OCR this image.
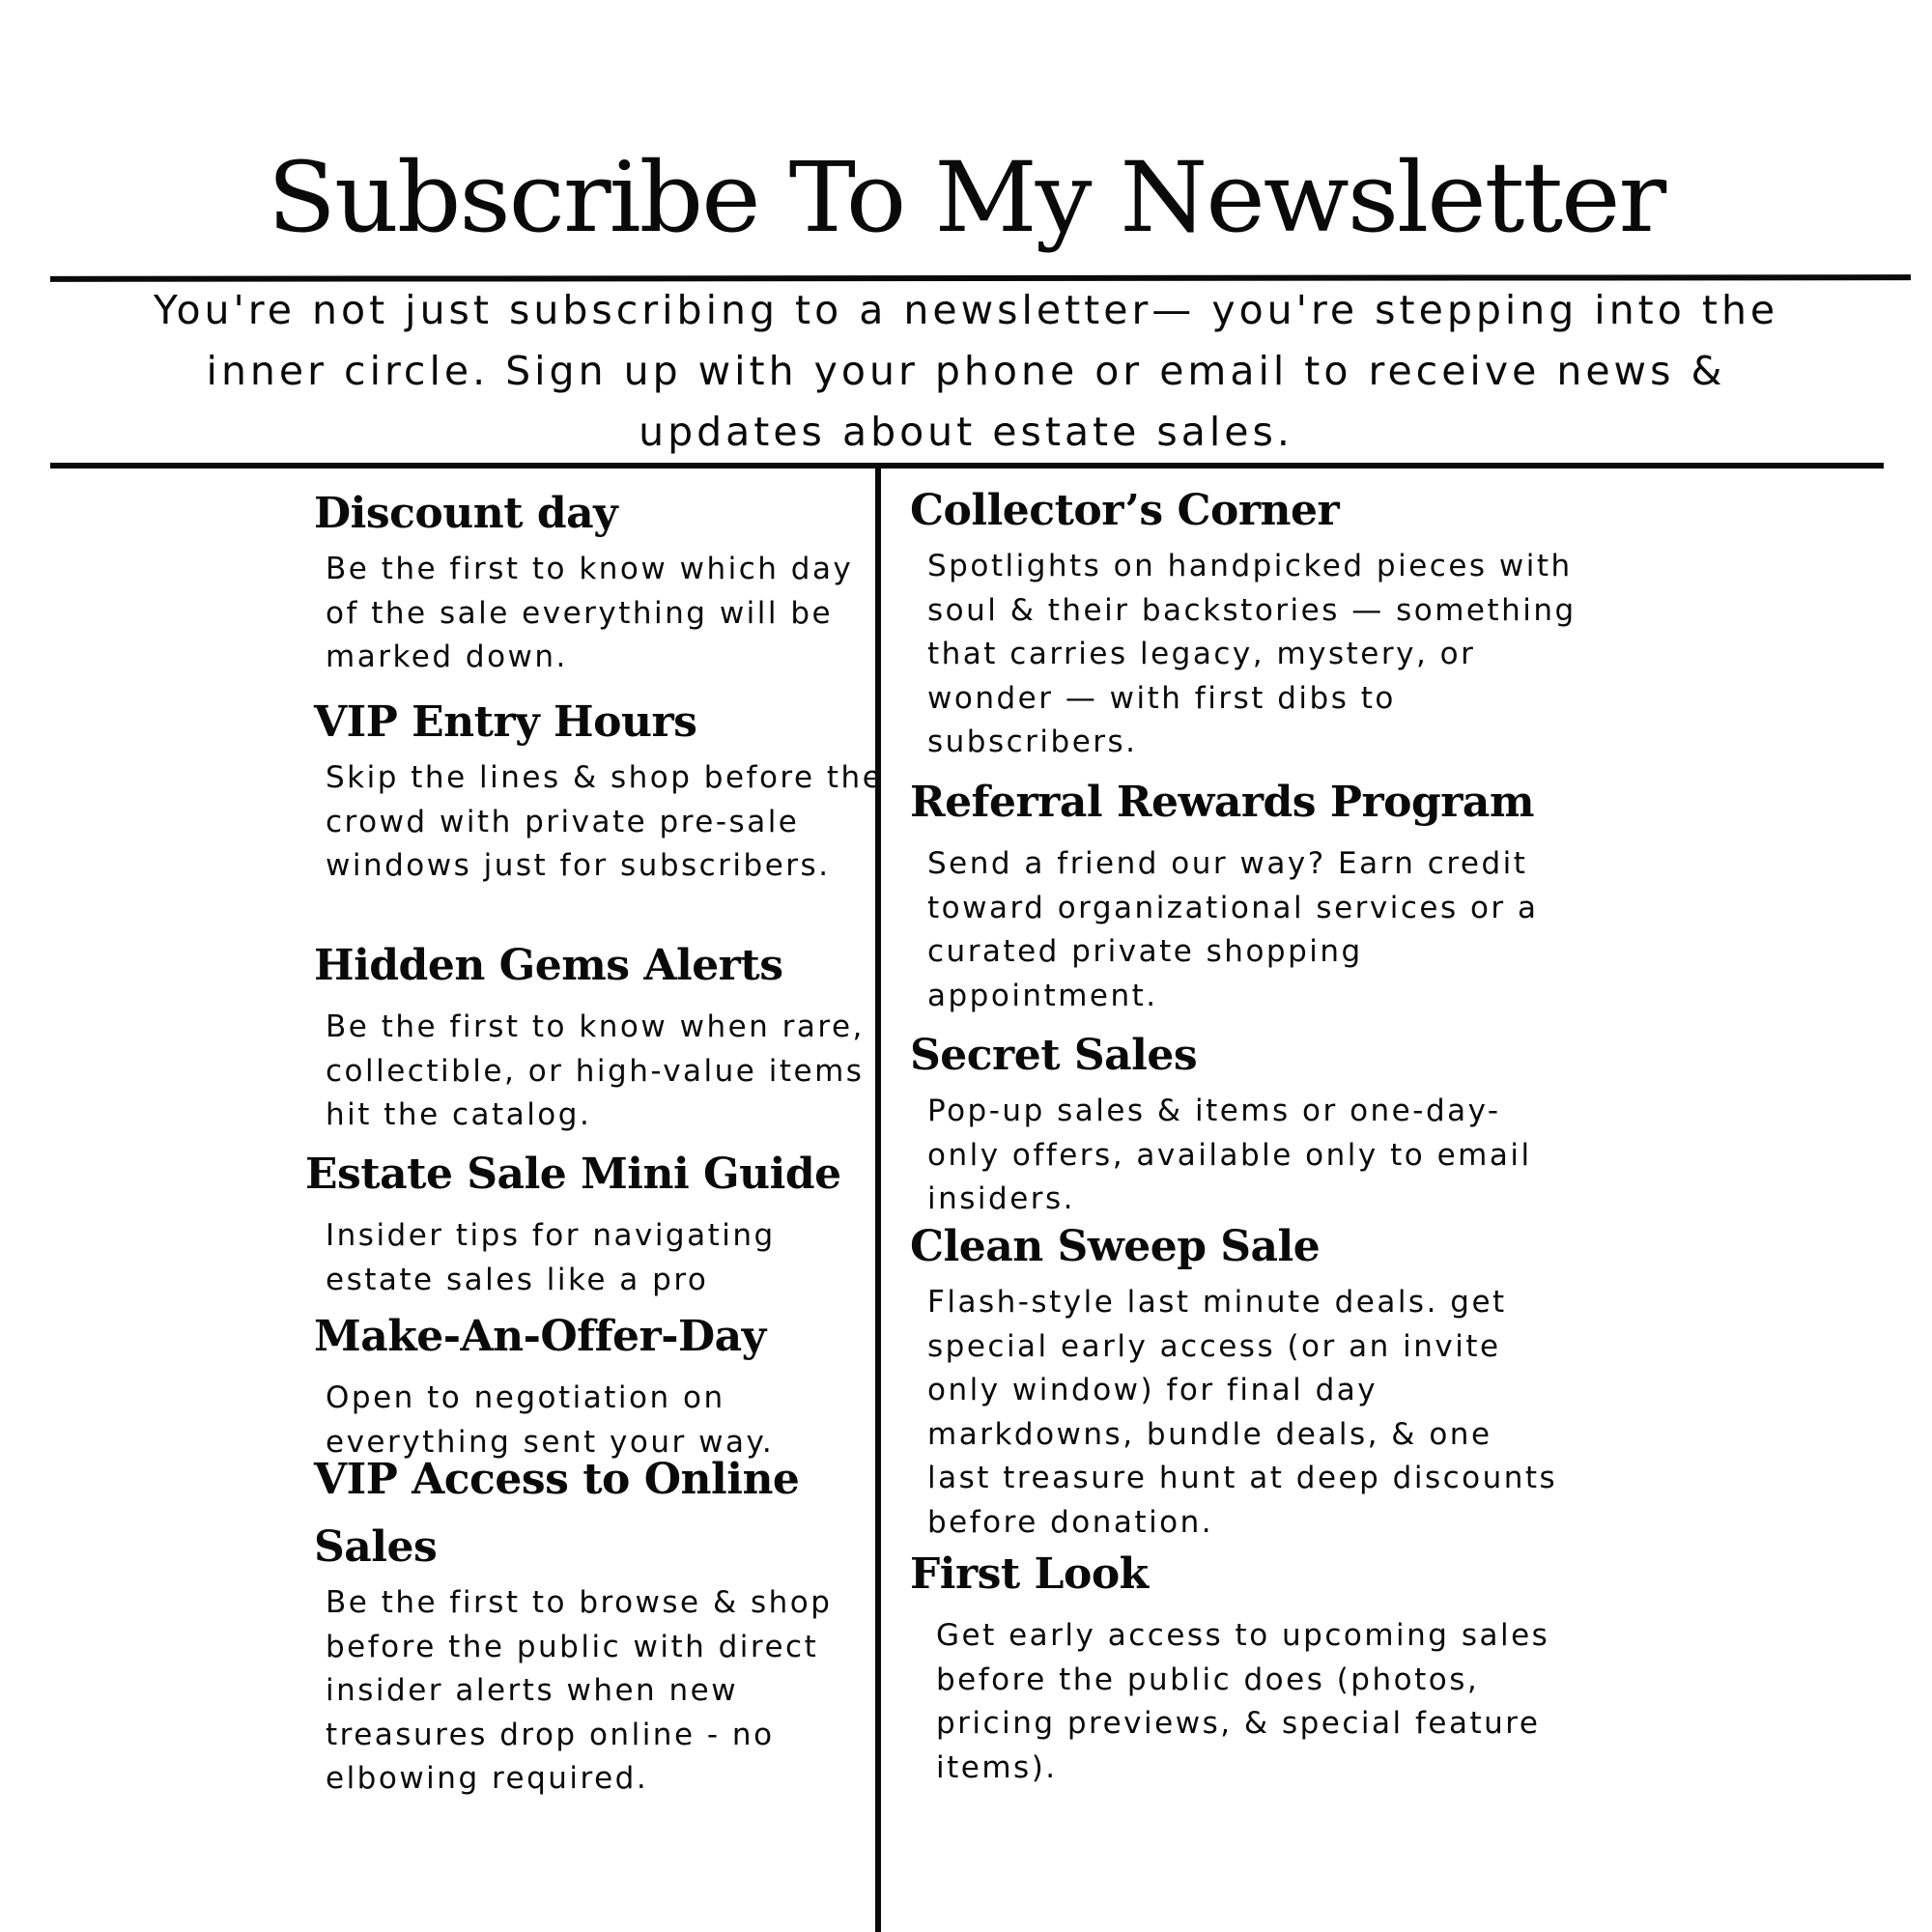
Subscribe To My Newsletter

You're not just subscribing to a newsletter— you're stepping into the inner circle. Sign up with your phone or email to receive news & updates about estate sales.

Discount day

Be the first to know which day of the sale everything will be marked down.

VIP Entry Hours

Skip the lines & shop before the crowd with private pre-sale windows just for subscribers.

Hidden Gems Alerts

Be the first to know when rare, collectible, or high-value items hit the catalog.

Estate Sale Mini Guide

Insider tips for navigating estate sales like a pro

Make-An-Offer-Day

Open to negotiation on everything sent your way.

VIP Access to Online Sales

Be the first to browse & shop before the public with direct insider alerts when new treasures drop online - no elbowing required.

Collector’s Corner

Spotlights on handpicked pieces with soul & their backstories — something that carries legacy, mystery, or wonder — with first dibs to subscribers.

Referral Rewards Program

Send a friend our way? Earn credit toward organizational services or a curated private shopping appointment.

Secret Sales

Pop-up sales & items or one-day-only offers, available only to email insiders.

Clean Sweep Sale

Flash-style last minute deals. get special early access (or an invite only window) for final day markdowns, bundle deals, & one last treasure hunt at deep discounts before donation.

First Look

Get early access to upcoming sales before the public does (photos, pricing previews, & special feature items).
